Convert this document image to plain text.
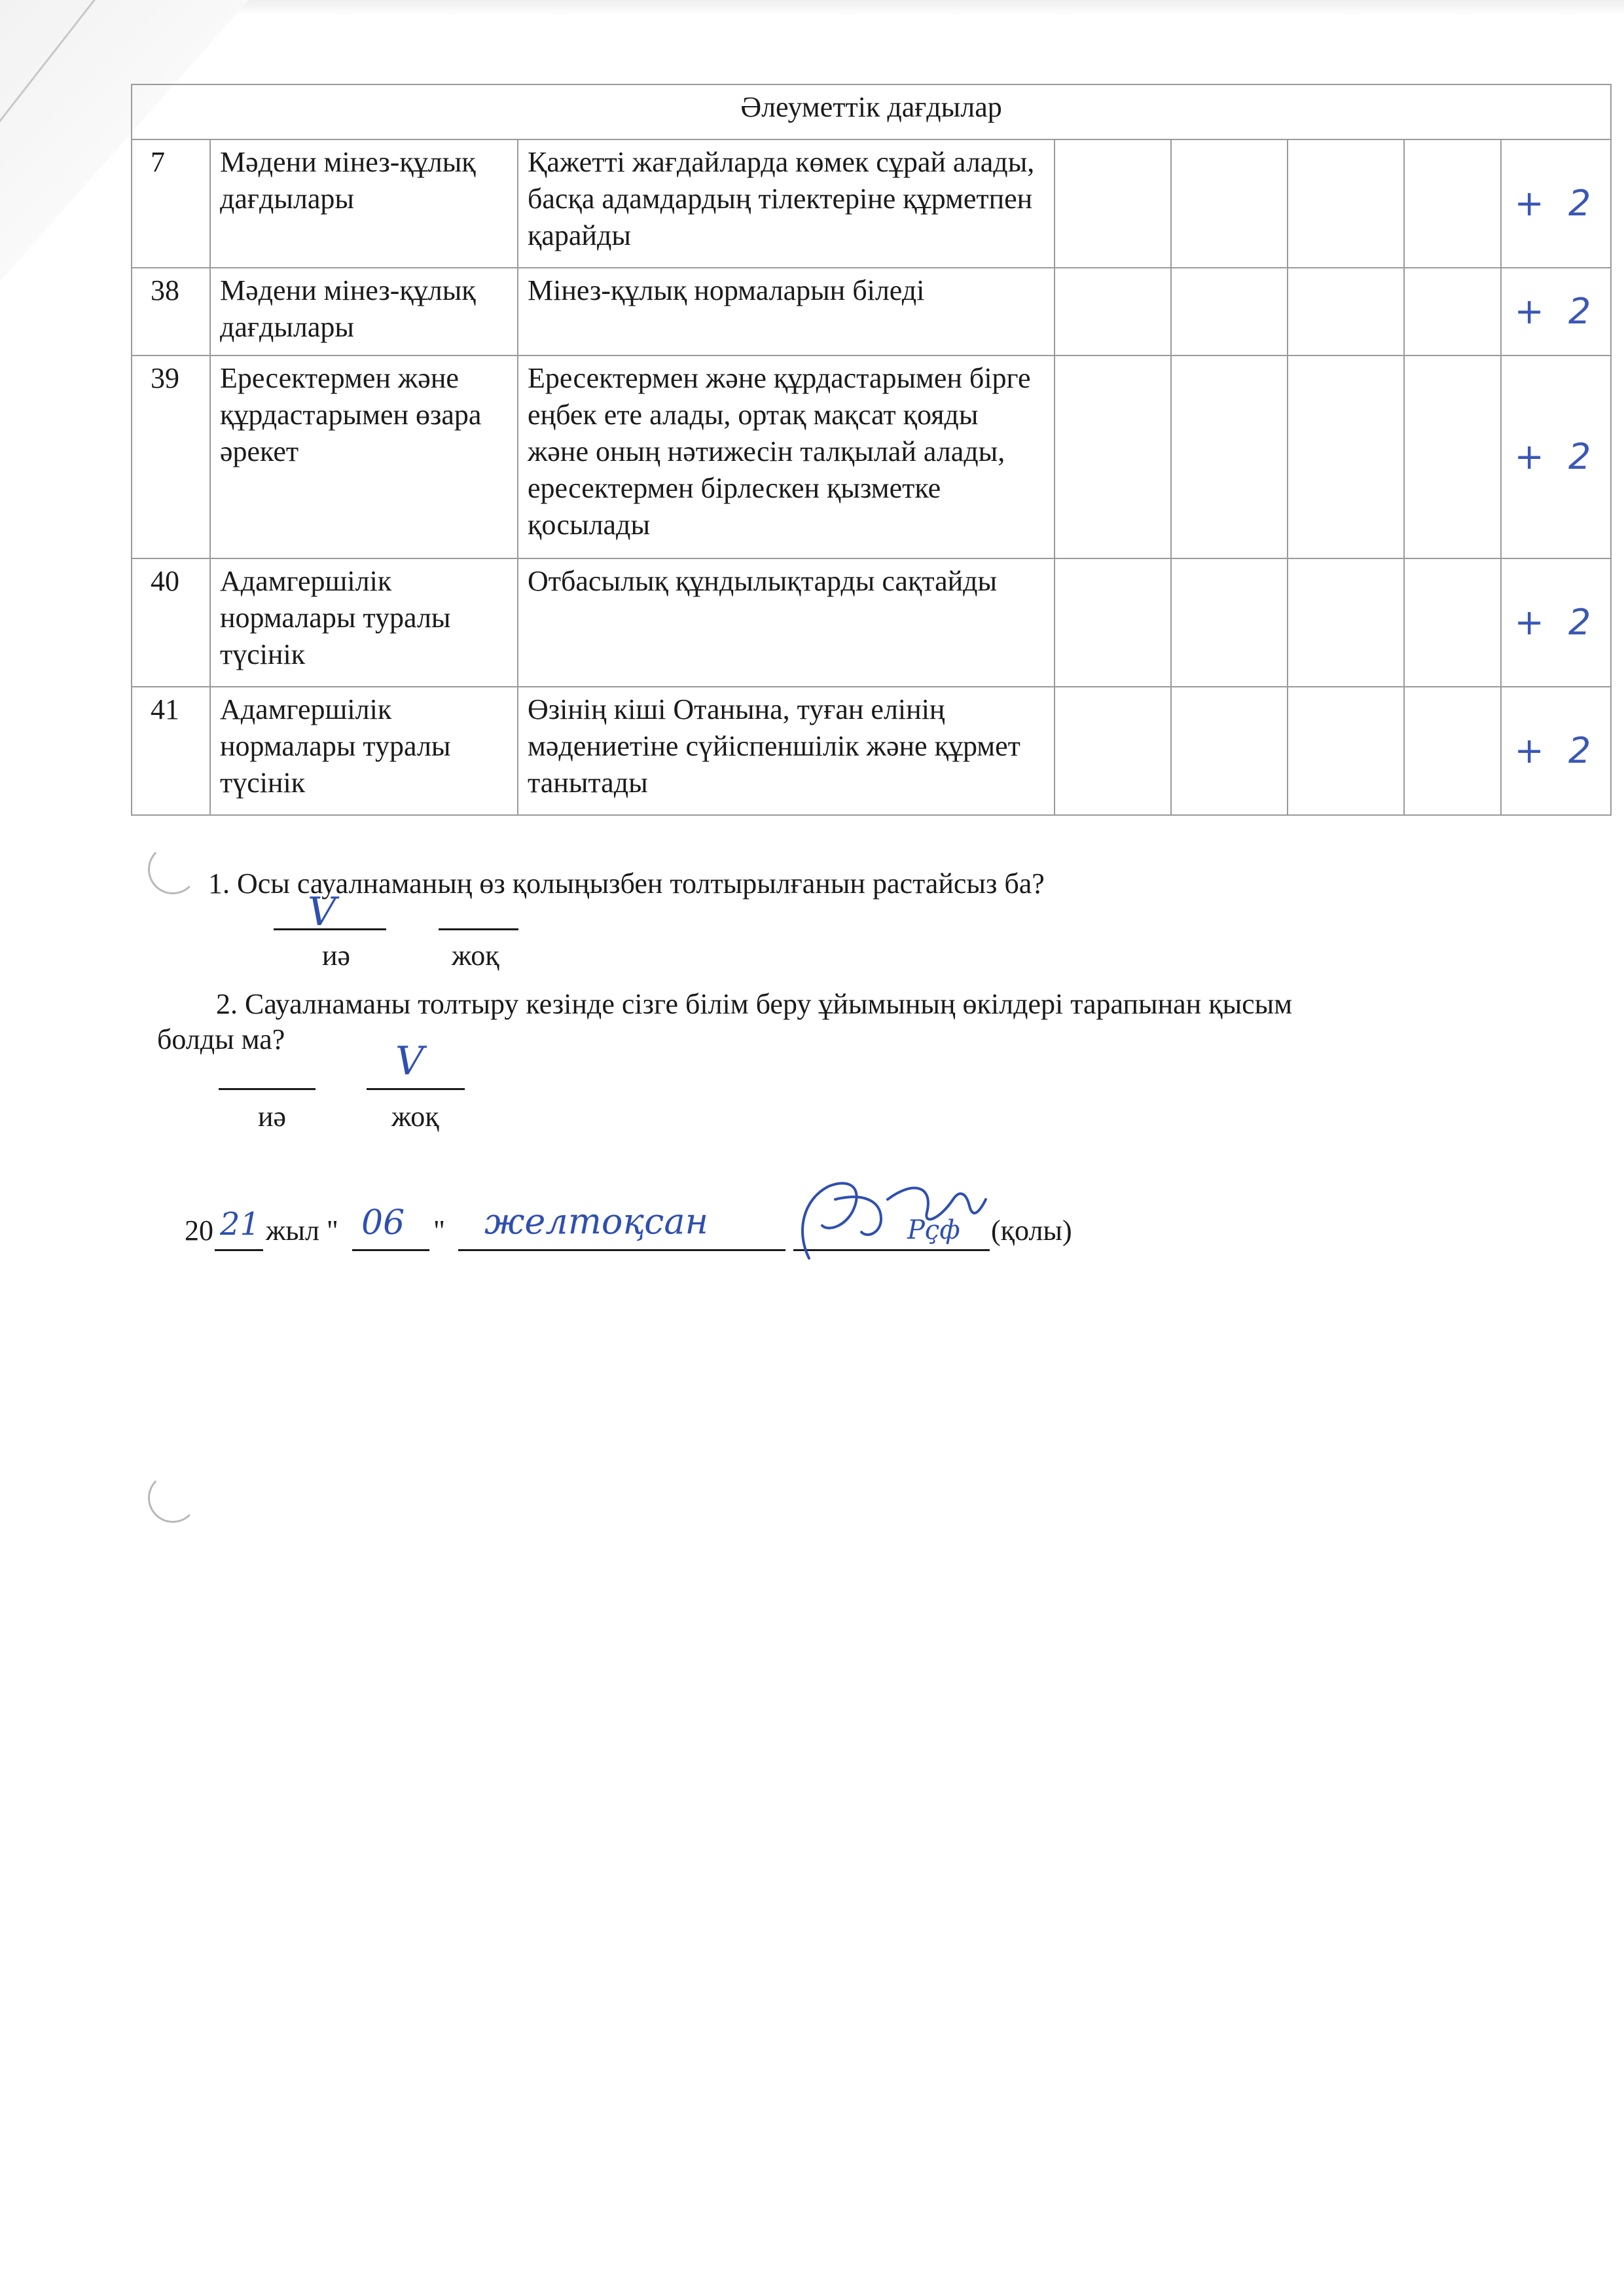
Әлеуметтік дағдылар							
7	Мәдени мінез-құлық дағдылары	Қажетті жағдайларда көмек сұрай алады, басқа адамдардың тілектеріне құрметпен қарайды					+ 2
38	Мәдени мінез-құлық дағдылары	Мінез-құлық нормаларын біледі					+ 2
39	Ересектермен және құрдастарымен өзара әрекет	Ересектермен және құрдастарымен бірге еңбек ете алады, ортақ мақсат қояды және оның нәтижесін талқылай алады, ересектермен бірлескен қызметке қосылады					+ 2
40	Адамгершілік нормалары туралы түсінік	Отбасылық құндылықтарды сақтайды					+ 2
41	Адамгершілік нормалары туралы түсінік	Өзінің кіші Отанына, туған елінің мәдениетіне сүйіспеншілік және құрмет танытады					+ 2
1. Осы сауалнаманың өз қолыңызбен толтырылғанын растайсыз ба?
V
иә	жоқ
2. Сауалнаманы толтыру кезінде сізге білім беру ұйымының өкілдері тарапынан қысым
болды ма?	V
иә	жоқ
20 21 жыл " 06 " желтоқсан	Рҫф (қолы)
